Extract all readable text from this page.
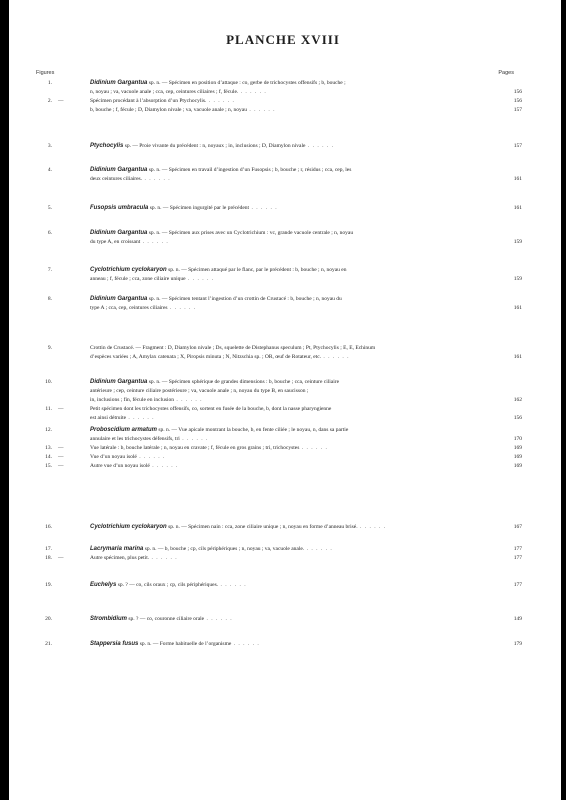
PLANCHE XVIII
Figures	Pages
1.	Didinium Gargantua sp. n. — Spécimen en position d’attaque : co, gerbe de trichocystes offensifs ; b, bouche ;
n, noyau ; va, vacuole anale ; cca, cep, ceintures ciliaires ; f, fécule. . . . . . .	156
2. —	Spécimen procédant à l’absorption d’un Ptychocylis. . . . . . .	156
b, bouche ; f, fécule ; D, Diamylon nivale ; va, vacuole anale ; n, noyau . . . . . .	157
3.	Ptychocylis sp. — Proie vivante du précédent : n, noyaux ; in, inclusions ; D, Diamylon nivale . . . . . .	157
4.	Didinium Gargantua sp. n. — Spécimen en travail d’ingestion d’un Fusopsis ; b, bouche ; r, résidus ; cca, cep, les
deux ceintures ciliaires. . . . . . .	161
5.	Fusopsis umbracula sp. n. — Spécimen ingurgité par le précédent . . . . . .	161
6.	Didinium Gargantua sp. n. — Spécimen aux prises avec un Cyclotrichium : vc, grande vacuole centrale ; n, noyau
du type A, en croissant . . . . . .	159
7.	Cyclotrichium cyclokaryon sp. n. — Spécimen attaqué par le flanc, par le précédent : b, bouche ; n, noyau en
anneau ; f, fécule ; cca, zone ciliaire unique . . . . . .	159
8.	Didinium Gargantua sp. n. — Spécimen tentant l’ingestion d’un crottin de Crustacé : b, bouche ; n, noyau du
type A ; cca, cep, ceintures ciliaires . . . . . .	161
9.	Crottin de Crustacé. — Fragment : D, Diamylon nivale ; Ds, squelette de Distephanus speculum ; Pt, Ptychocylis ; E, E, Echinum
d’espèces variées ; A, Amylax catenata ; X, Piropsis minuta ; N, Nitzschia sp. ; OR, œuf de Rotateur, etc. . . . . . .	161
10.	Didinium Gargantua sp. n. — Spécimen sphérique de grandes dimensions : b, bouche ; cca, ceinture ciliaire
antérieure ; cep, ceinture ciliaire postérieure ; va, vacuole anale ; n, noyau du type B, en saucisson ;
in, inclusions ; fin, fécule en inclusion . . . . . .	162
11. —	Petit spécimen dont les trichocystes offensifs, co, sortent en fusée de la bouche, b, dont la nasse pharyngienne
est ainsi détruite . . . . . .	156
12.	Proboscidium armatum sp. n. — Vue apicale montrant la bouche, b, en fente ciliée ; le noyau, n, dans sa partie
annulaire et les trichocystes défensifs, tri . . . . . .	170
13. —	Vue latérale : b, bouche latérale ; n, noyau en cravate ; f, fécule en gros grains ; tri, trichocystes . . . . . .	169
14. —	Vue d’un noyau isolé . . . . . .	169
15. —	Autre vue d’un noyau isolé . . . . . .	169
16.	Cyclotrichium cyclokaryon sp. n. — Spécimen nain : cca, zone ciliaire unique ; n, noyau en forme d’anneau brisé. . . . . . .	167
17.	Lacrymaria marina sp. n. — b, bouche ; cp, cils périphériques ; n, noyau ; va, vacuole anale. . . . . . .	177
18. —	Autre spécimen, plus petit. . . . . . .	177
19.	Euchelys sp. ? — co, cils oraux ; cp, cils périphériques. . . . . . .	177
20.	Strombidium sp. ? — co, couronne ciliaire orale . . . . . .	149
21.	Stappersia fusus sp. n. — Forme habituelle de l’organisme . . . . . .	179
